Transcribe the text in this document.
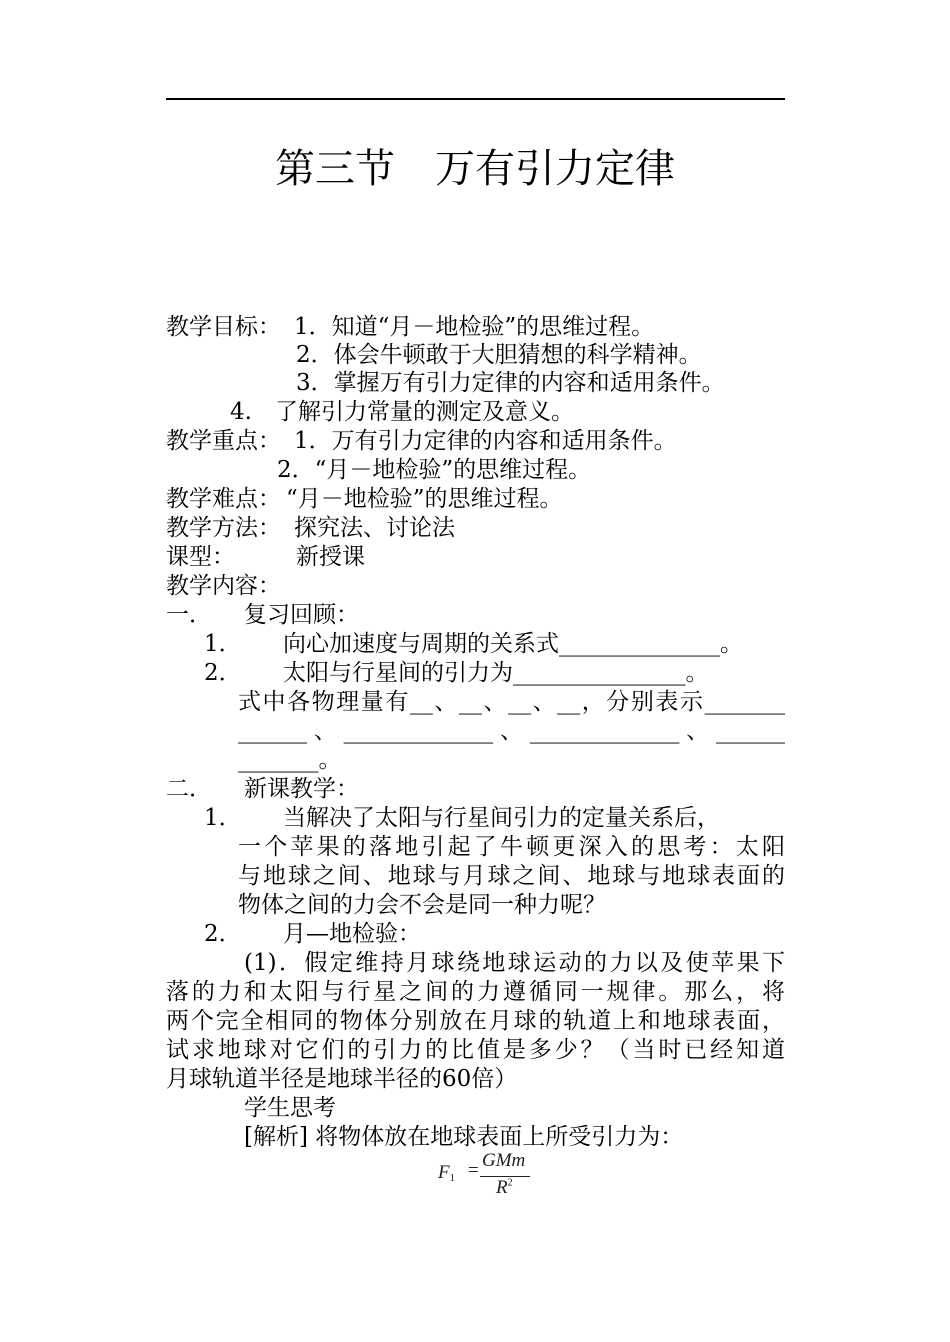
第三节　万有引力定律
教学目标： 1．知道“月－地检验”的思维过程。
2．体会牛顿敢于大胆猜想的科学精神。
3．掌握万有引力定律的内容和适用条件。
4.　了解引力常量的测定及意义。
教学重点： 1．万有引力定律的内容和适用条件。
2．“月－地检验”的思维过程。
教学难点： “月－地检验”的思维过程。
教学方法： 探究法、讨论法
课型：	新授课
教学内容：
一． 复习回顾：
1． 向心加速度与周期的关系式______________。
2． 太阳与行星间的引力为_______________。
式中各物理量有__、__、__、__，分别表示_______
______、_____________、_____________、______
_______。
二． 新课教学：
1． 当解决了太阳与行星间引力的定量关系后，
一个苹果的落地引起了牛顿更深入的思考：太阳
与地球之间、地球与月球之间、地球与地球表面的
物体之间的力会不会是同一种力呢？
2． 月—地检验：
(1)．假定维持月球绕地球运动的力以及使苹果下
落的力和太阳与行星之间的力遵循同一规律。那么，将
两个完全相同的物体分别放在月球的轨道上和地球表面，
试求地球对它们的引力的比值是多少？（当时已经知道
月球轨道半径是地球半径的60倍）
学生思考
[解析] 将物体放在地球表面上所受引力为：
$F_1$ = GMm
$R^2$
